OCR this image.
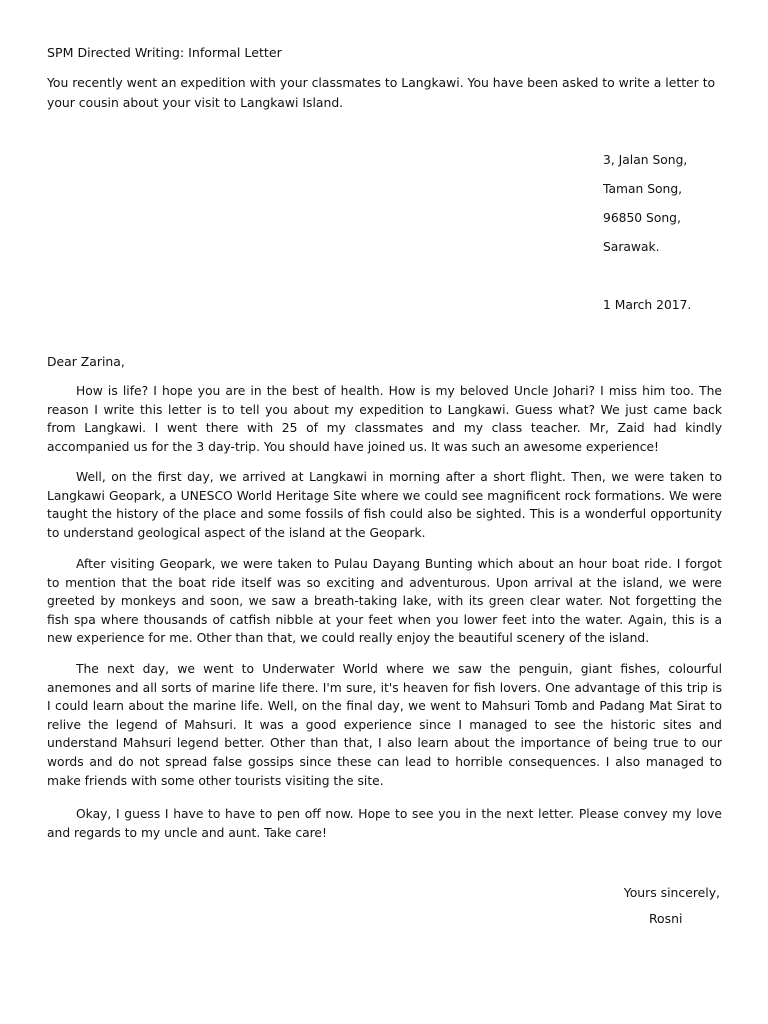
SPM Directed Writing: Informal Letter
You recently went an expedition with your classmates to Langkawi. You have been asked to write a letter to your cousin about your visit to Langkawi Island.
3, Jalan Song,
Taman Song,
96850 Song,
Sarawak.
1 March 2017.
Dear Zarina,

How is life? I hope you are in the best of health. How is my beloved Uncle Johari? I miss him too. The reason I write this letter is to tell you about my expedition to Langkawi. Guess what? We just came back from Langkawi. I went there with 25 of my classmates and my class teacher. Mr, Zaid had kindly accompanied us for the 3 day-trip. You should have joined us. It was such an awesome experience!

Well, on the first day, we arrived at Langkawi in morning after a short flight. Then, we were taken to Langkawi Geopark, a UNESCO World Heritage Site where we could see magnificent rock formations. We were taught the history of the place and some fossils of fish could also be sighted. This is a wonderful opportunity to understand geological aspect of the island at the Geopark.

After visiting Geopark, we were taken to Pulau Dayang Bunting which about an hour boat ride. I forgot to mention that the boat ride itself was so exciting and adventurous. Upon arrival at the island, we were greeted by monkeys and soon, we saw a breath-taking lake, with its green clear water. Not forgetting the fish spa where thousands of catfish nibble at your feet when you lower feet into the water. Again, this is a new experience for me. Other than that, we could really enjoy the beautiful scenery of the island.

The next day, we went to Underwater World where we saw the penguin, giant fishes, colourful anemones and all sorts of marine life there. I'm sure, it's heaven for fish lovers. One advantage of this trip is I could learn about the marine life. Well, on the final day, we went to Mahsuri Tomb and Padang Mat Sirat to relive the legend of Mahsuri. It was a good experience since I managed to see the historic sites and understand Mahsuri legend better. Other than that, I also learn about the importance of being true to our words and do not spread false gossips since these can lead to horrible consequences. I also managed to make friends with some other tourists visiting the site.

Okay, I guess I have to have to pen off now. Hope to see you in the next letter. Please convey my love and regards to my uncle and aunt. Take care!

Yours sincerely,
Rosni
